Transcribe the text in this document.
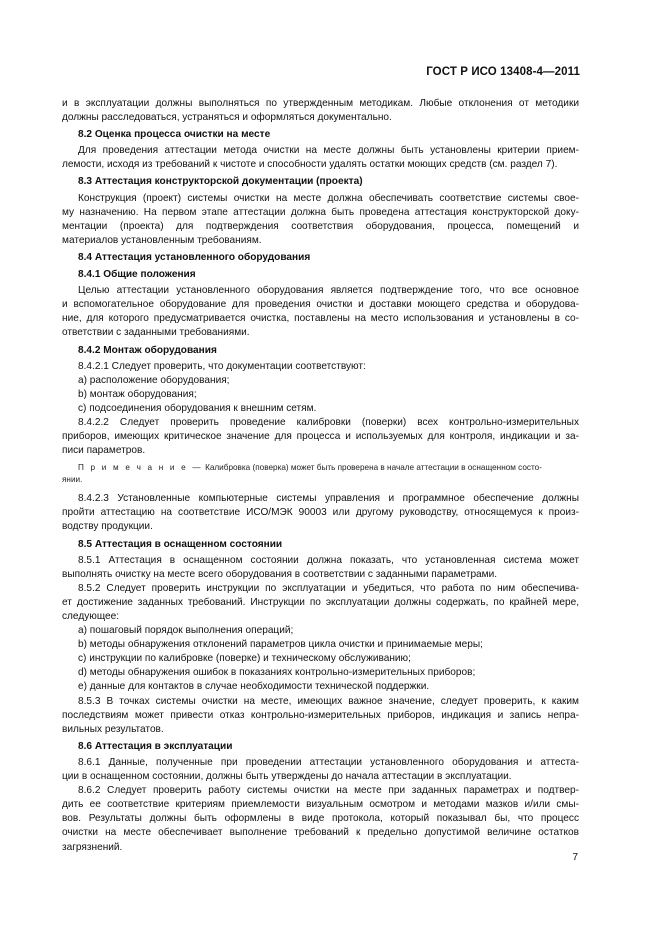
ГОСТ Р ИСО 13408-4—2011
и в эксплуатации должны выполняться по утвержденным методикам. Любые отклонения от методики
должны расследоваться, устраняться и оформляться документально.
8.2 Оценка процесса очистки на месте
Для проведения аттестации метода очистки на месте должны быть установлены критерии прием-
лемости, исходя из требований к чистоте и способности удалять остатки моющих средств (см. раздел 7).
8.3 Аттестация конструкторской документации (проекта)
Конструкция (проект) системы очистки на месте должна обеспечивать соответствие системы свое-
му назначению. На первом этапе аттестации должна быть проведена аттестация конструкторской доку-
ментации (проекта) для подтверждения соответствия оборудования, процесса, помещений и
материалов установленным требованиям.
8.4 Аттестация установленного оборудования
8.4.1 Общие положения
Целью аттестации установленного оборудования является подтверждение того, что все основное
и вспомогательное оборудование для проведения очистки и доставки моющего средства и оборудова-
ние, для которого предусматривается очистка, поставлены на место использования и установлены в со-
ответствии с заданными требованиями.
8.4.2 Монтаж оборудования

8.4.2.1 Следует проверить, что документации соответствуют:

a) расположение оборудования;

b) монтаж оборудования;

c) подсоединения оборудования к внешним сетям.

8.4.2.2 Следует проверить проведение калибровки (поверки) всех контрольно-измерительных
приборов, имеющих критическое значение для процесса и используемых для контроля, индикации и за-
писи параметров.
П р и м е ч а н и е — Калибровка (поверка) может быть проверена в начале аттестации в оснащенном состо-
янии.
8.4.2.3 Установленные компьютерные системы управления и программное обеспечение должны
пройти аттестацию на соответствие ИСО/МЭК 90003 или другому руководству, относящемуся к произ-
водству продукции.
8.5 Аттестация в оснащенном состоянии
8.5.1 Аттестация в оснащенном состоянии должна показать, что установленная система может
выполнять очистку на месте всего оборудования в соответствии с заданными параметрами.
8.5.2 Следует проверить инструкции по эксплуатации и убедиться, что работа по ним обеспечива-
ет достижение заданных требований. Инструкции по эксплуатации должны содержать, по крайней мере,
следующее:

a) пошаговый порядок выполнения операций;

b) методы обнаружения отклонений параметров цикла очистки и принимаемые меры;

c) инструкции по калибровке (поверке) и техническому обслуживанию;

d) методы обнаружения ошибок в показаниях контрольно-измерительных приборов;

e) данные для контактов в случае необходимости технической поддержки.

8.5.3 В точках системы очистки на месте, имеющих важное значение, следует проверить, к каким
последствиям может привести отказ контрольно-измерительных приборов, индикация и запись непра-
вильных результатов.
8.6 Аттестация в эксплуатации
8.6.1 Данные, полученные при проведении аттестации установленного оборудования и аттеста-
ции в оснащенном состоянии, должны быть утверждены до начала аттестации в эксплуатации.
8.6.2 Следует проверить работу системы очистки на месте при заданных параметрах и подтвер-
дить ее соответствие критериям приемлемости визуальным осмотром и методами мазков и/или смы-
вов. Результаты должны быть оформлены в виде протокола, который показывал бы, что процесс
очистки на месте обеспечивает выполнение требований к предельно допустимой величине остатков
загрязнений.
7
